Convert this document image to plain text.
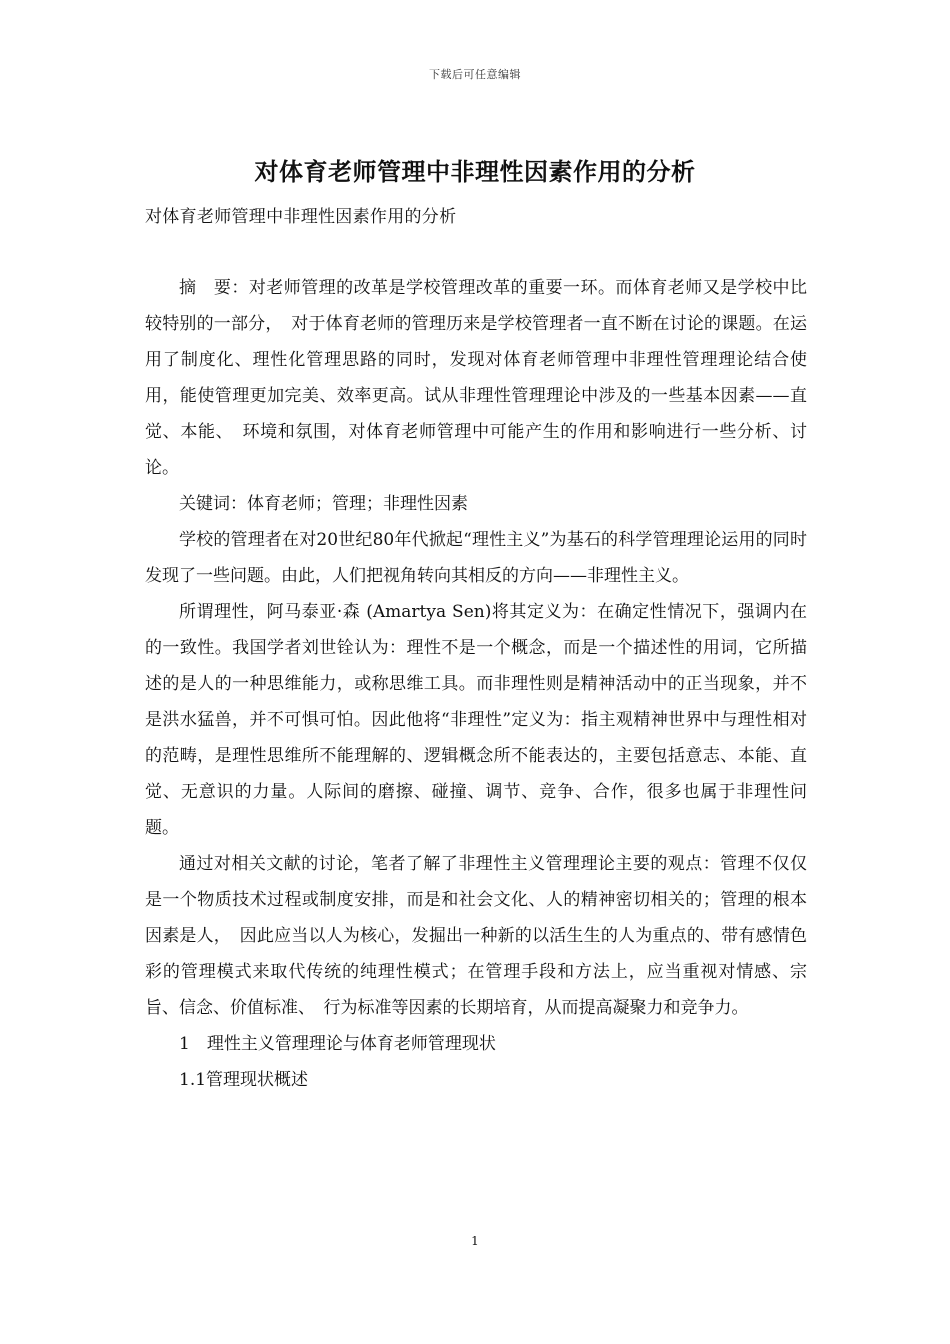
下载后可任意编辑
对体育老师管理中非理性因素作用的分析
对体育老师管理中非理性因素作用的分析

摘　要：对老师管理的改革是学校管理改革的重要一环。而体育老师又是学校中比较特别的一部分，　对于体育老师的管理历来是学校管理者一直不断在讨论的课题。在运用了制度化、理性化管理思路的同时，发现对体育老师管理中非理性管理理论结合使用，能使管理更加完美、效率更高。试从非理性管理理论中涉及的一些基本因素——直觉、本能、　环境和氛围，对体育老师管理中可能产生的作用和影响进行一些分析、讨论。

关键词：体育老师；管理；非理性因素

学校的管理者在对20世纪80年代掀起“理性主义”为基石的科学管理理论运用的同时发现了一些问题。由此，人们把视角转向其相反的方向——非理性主义。

所谓理性，阿马泰亚·森 (Amartya Sen)将其定义为：在确定性情况下，强调内在的一致性。我国学者刘世铨认为：理性不是一个概念，而是一个描述性的用词，它所描述的是人的一种思维能力，或称思维工具。而非理性则是精神活动中的正当现象，并不是洪水猛兽，并不可惧可怕。因此他将“非理性”定义为：指主观精神世界中与理性相对的范畴，是理性思维所不能理解的、逻辑概念所不能表达的，主要包括意志、本能、直觉、无意识的力量。人际间的磨擦、碰撞、调节、竞争、合作，很多也属于非理性问题。

通过对相关文献的讨论，笔者了解了非理性主义管理理论主要的观点：管理不仅仅是一个物质技术过程或制度安排，而是和社会文化、人的精神密切相关的；管理的根本因素是人，　因此应当以人为核心，发掘出一种新的以活生生的人为重点的、带有感情色彩的管理模式来取代传统的纯理性模式；在管理手段和方法上，应当重视对情感、宗旨、信念、价值标准、　行为标准等因素的长期培育，从而提高凝聚力和竞争力。

1　理性主义管理理论与体育老师管理现状

1.1管理现状概述

1
